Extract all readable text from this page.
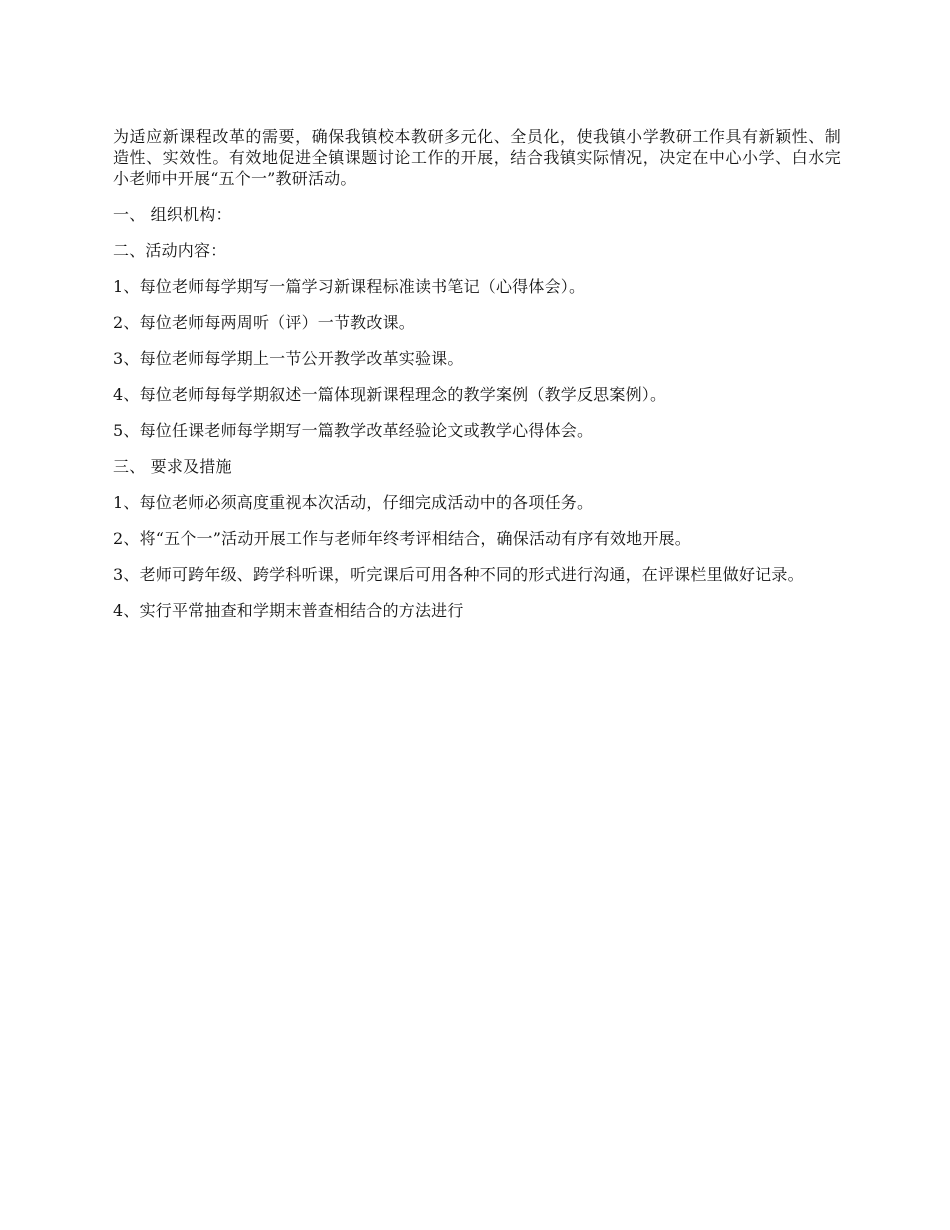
为适应新课程改革的需要，确保我镇校本教研多元化、全员化，使我镇小学教研工作具有新颖性、制造性、实效性。有效地促进全镇课题讨论工作的开展，结合我镇实际情况，决定在中心小学、白水完小老师中开展“五个一”教研活动。

一、 组织机构：

二、活动内容：

1、每位老师每学期写一篇学习新课程标准读书笔记（心得体会）。

2、每位老师每两周听（评）一节教改课。

3、每位老师每学期上一节公开教学改革实验课。

4、每位老师每每学期叙述一篇体现新课程理念的教学案例（教学反思案例）。

5、每位任课老师每学期写一篇教学改革经验论文或教学心得体会。

三、 要求及措施

1、每位老师必须高度重视本次活动，仔细完成活动中的各项任务。

2、将“五个一”活动开展工作与老师年终考评相结合，确保活动有序有效地开展。

3、老师可跨年级、跨学科听课，听完课后可用各种不同的形式进行沟通，在评课栏里做好记录。

4、实行平常抽查和学期末普查相结合的方法进行
